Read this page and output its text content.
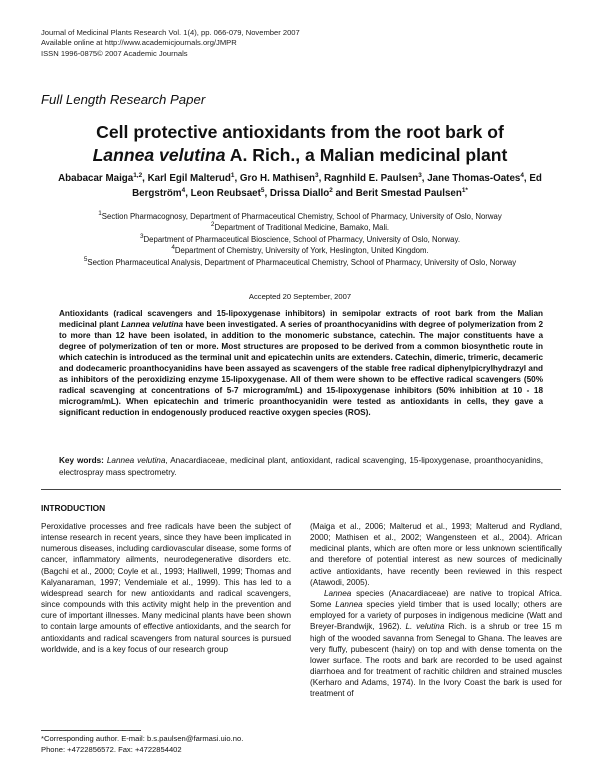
Journal of Medicinal Plants Research Vol. 1(4), pp. 066-079, November 2007
Available online at http://www.academicjournals.org/JMPR
ISSN 1996-0875© 2007 Academic Journals
Full Length Research Paper
Cell protective antioxidants from the root bark of
Lannea velutina A. Rich., a Malian medicinal plant
Ababacar Maiga$^{1,2}$, Karl Egil Malterud$^1$, Gro H. Mathisen$^3$, Ragnhild E. Paulsen$^3$, Jane Thomas-Oates$^4$, Ed Bergström$^4$, Leon Reubsaet$^5$, Drissa Diallo$^2$ and Berit Smestad Paulsen$^{1*}$
$^1$Section Pharmacognosy, Department of Pharmaceutical Chemistry, School of Pharmacy, University of Oslo, Norway
$^2$Department of Traditional Medicine, Bamako, Mali.
$^3$Department of Pharmaceutical Bioscience, School of Pharmacy, University of Oslo, Norway.
$^4$Department of Chemistry, University of York, Heslington, United Kingdom.
$^5$Section Pharmaceutical Analysis, Department of Pharmaceutical Chemistry, School of Pharmacy, University of Oslo, Norway
Accepted 20 September, 2007
Antioxidants (radical scavengers and 15-lipoxygenase inhibitors) in semipolar extracts of root bark from the Malian medicinal plant Lannea velutina have been investigated. A series of proanthocyanidins with degree of polymerization from 2 to more than 12 have been isolated, in addition to the monomeric substance, catechin. The major constituents have a degree of polymerization of ten or more. Most structures are proposed to be derived from a common biosynthetic route in which catechin is introduced as the terminal unit and epicatechin units are extenders. Catechin, dimeric, trimeric, decameric and dodecameric proanthocyanidins have been assayed as scavengers of the stable free radical diphenylpicrylhydrazyl and as inhibitors of the peroxidizing enzyme 15-lipoxygenase. All of them were shown to be effective radical scavengers (50% radical scavenging at concentrations of 5-7 microgram/mL) and 15-lipoxygenase inhibitors (50% inhibition at 10 - 18 microgram/mL). When epicatechin and trimeric proanthocyanidin were tested as antioxidants in cells, they gave a significant reduction in endogenously produced reactive oxygen species (ROS).
Key words: Lannea velutina, Anacardiaceae, medicinal plant, antioxidant, radical scavenging, 15-lipoxygenase, proanthocyanidins, electrospray mass spectrometry.
INTRODUCTION

Peroxidative processes and free radicals have been the subject of intense research in recent years, since they have been implicated in numerous diseases, including cardiovascular disease, some forms of cancer, inflammatory ailments, neurodegenerative disorders etc. (Bagchi et al., 2000; Coyle et al., 1993; Halliwell, 1999; Thomas and Kalyanaraman, 1997; Vendemiale et al., 1999). This has led to a widespread search for new antioxidants and radical scavengers, since compounds with this activity might help in the prevention and cure of important illnesses. Many medicinal plants have been shown to contain large amounts of effective antioxidants, and the search for antioxidants and radical scavengers from natural sources is pursued worldwide, and is a key focus of our research group

(Maiga et al., 2006; Malterud et al., 1993; Malterud and Rydland, 2000; Mathisen et al., 2002; Wangensteen et al., 2004). African medicinal plants, which are often more or less unknown scientifically and therefore of potential interest as new sources of medicinally active antioxidants, have recently been reviewed in this respect (Atawodi, 2005).

Lannea species (Anacardiaceae) are native to tropical Africa. Some Lannea species yield timber that is used locally; others are employed for a variety of purposes in indigenous medicine (Watt and Breyer-Brandwijk, 1962). L. velutina Rich. is a shrub or tree 15 m high of the wooded savanna from Senegal to Ghana. The leaves are very fluffy, pubescent (hairy) on top and with dense tomenta on the lower surface. The roots and bark are recorded to be used against diarrhoea and for treatment of rachitic children and strained muscles (Kerharo and Adams, 1974). In the Ivory Coast the bark is used for treatment of

*Corresponding author. E-mail: b.s.paulsen@farmasi.uio.no.
Phone: +4722856572. Fax: +4722854402
